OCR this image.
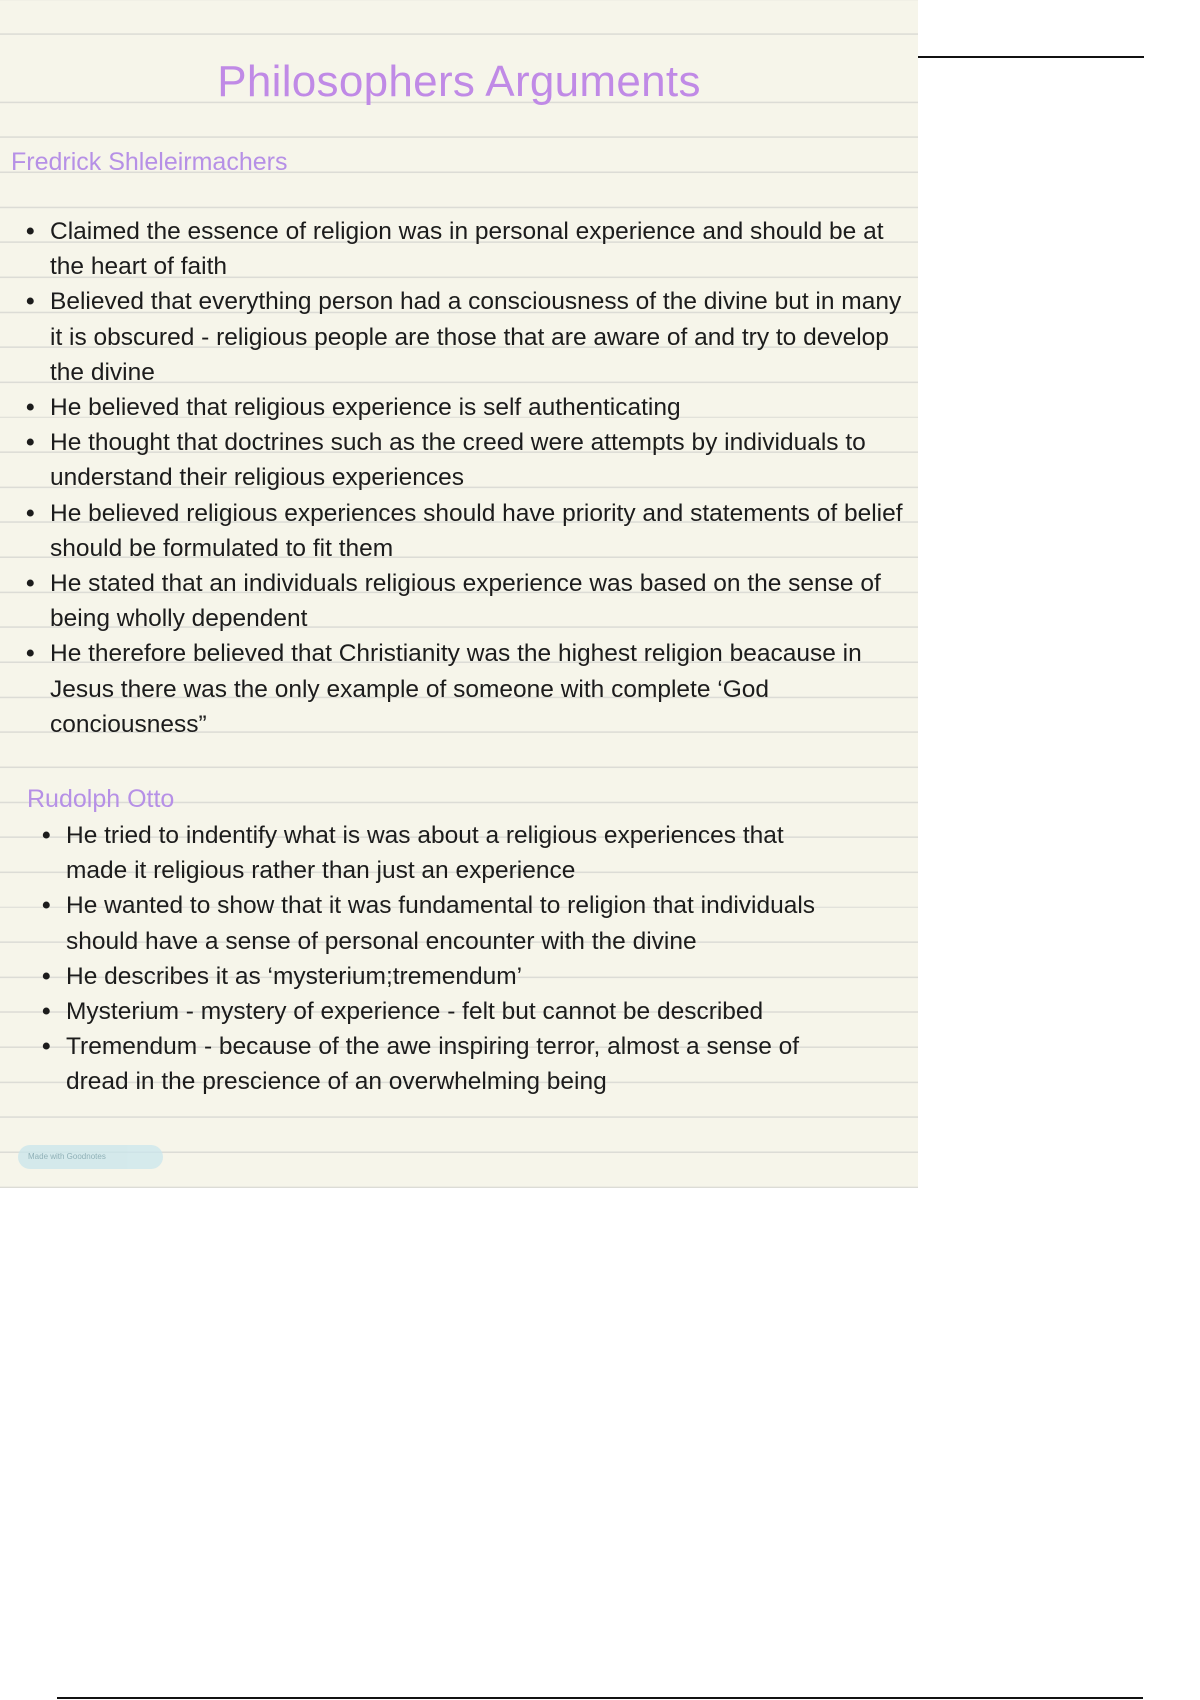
Philosophers Arguments
Fredrick Shleleirmachers
• Claimed the essence of religion was in personal experience and should be at the heart of faith
• Believed that everything person had a consciousness of the divine but in many it is obscured - religious people are those that are aware of and try to develop the divine
• He believed that religious experience is self authenticating
• He thought that doctrines such as the creed were attempts by individuals to understand their religious experiences
• He believed religious experiences should have priority and statements of belief should be formulated to fit them
• He stated that an individuals religious experience was based on the sense of being wholly dependent
• He therefore believed that Christianity was the highest religion beacause in Jesus there was the only example of someone with complete ‘God conciousness”
Rudolph Otto
• He tried to indentify what is was about a religious experiences that made it religious rather than just an experience
• He wanted to show that it was fundamental to religion that individuals should have a sense of personal encounter with the divine
• He describes it as ‘mysterium;tremendum’
• Mysterium - mystery of experience - felt but cannot be described
• Tremendum - because of the awe inspiring terror, almost a sense of dread in the prescience of an overwhelming being
Made with Goodnotes
